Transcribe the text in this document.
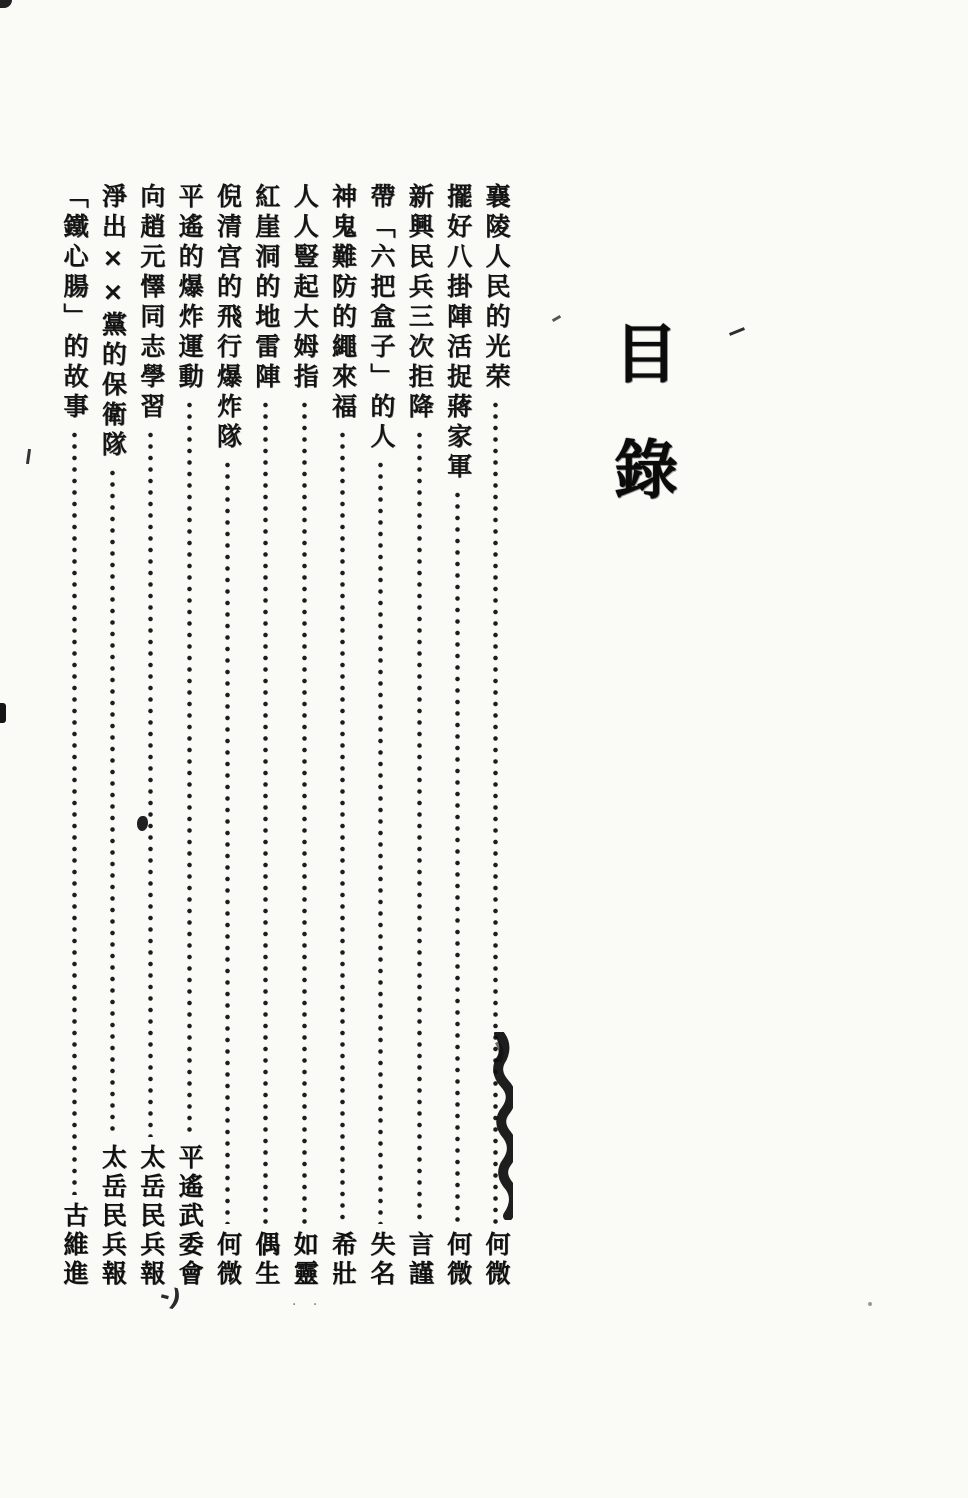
目錄
襄陵人民的光荣
何微
擺好八掛陣活捉蔣家軍
何微
新興民兵三次拒降
言謹
帶「六把盒子」的人
失名
神鬼難防的繩來福
希壯
人人豎起大姆指
如靈
紅崖洞的地雷陣
偶生
倪清宫的飛行爆炸隊
何微
平遙的爆炸運動
平遙武委會
向趙元懌同志學習
太岳民兵報
淨出××黨的保衛隊
太岳民兵報
「鐵心腸」的故事
古維進
-)	· ·
